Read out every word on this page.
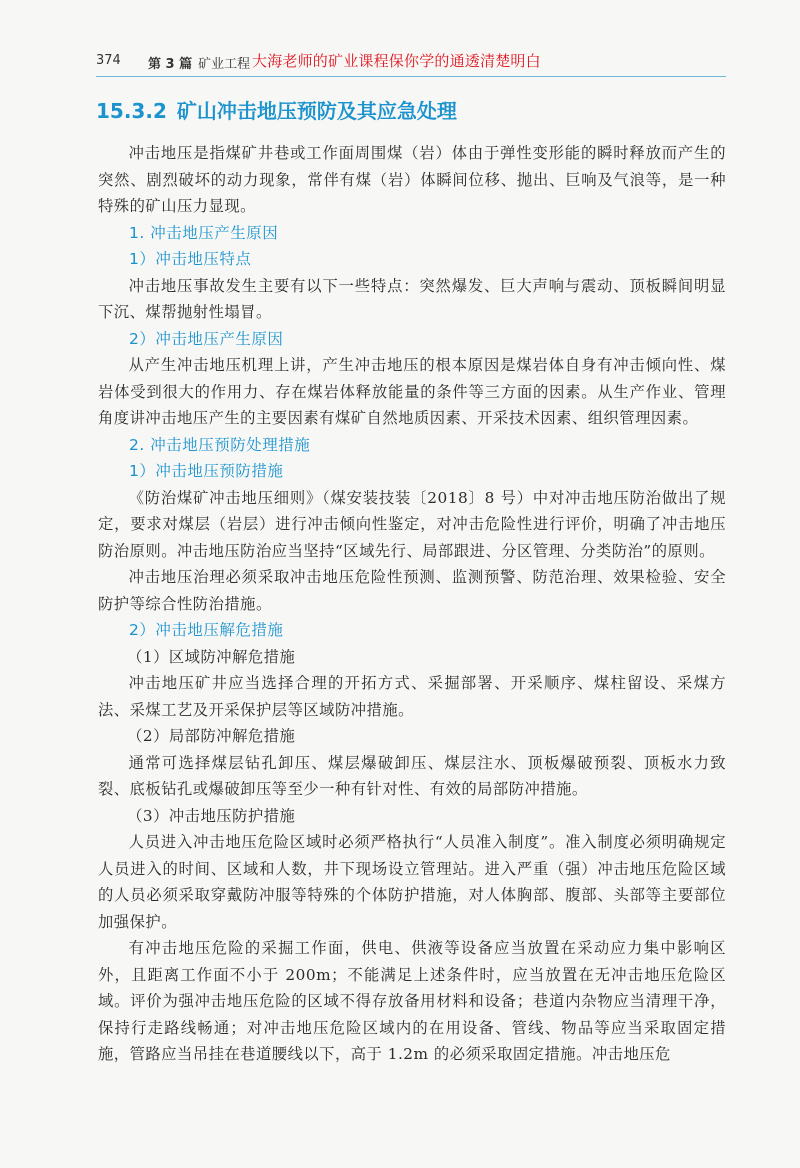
374 第 3 篇 矿业工程 大海老师的矿业课程保你学的通透清楚明白
15.3.2 矿山冲击地压预防及其应急处理

冲击地压是指煤矿井巷或工作面周围煤（岩）体由于弹性变形能的瞬时释放而产生的突然、剧烈破坏的动力现象，常伴有煤（岩）体瞬间位移、抛出、巨响及气浪等，是一种特殊的矿山压力显现。

1. 冲击地压产生原因
1）冲击地压特点

冲击地压事故发生主要有以下一些特点：突然爆发、巨大声响与震动、顶板瞬间明显下沉、煤帮抛射性塌冒。

2）冲击地压产生原因

从产生冲击地压机理上讲，产生冲击地压的根本原因是煤岩体自身有冲击倾向性、煤岩体受到很大的作用力、存在煤岩体释放能量的条件等三方面的因素。从生产作业、管理角度讲冲击地压产生的主要因素有煤矿自然地质因素、开采技术因素、组织管理因素。

2. 冲击地压预防处理措施
1）冲击地压预防措施

《防治煤矿冲击地压细则》（煤安装技装〔2018〕8 号）中对冲击地压防治做出了规定，要求对煤层（岩层）进行冲击倾向性鉴定，对冲击危险性进行评价，明确了冲击地压防治原则。冲击地压防治应当坚持“区域先行、局部跟进、分区管理、分类防治”的原则。

冲击地压治理必须采取冲击地压危险性预测、监测预警、防范治理、效果检验、安全防护等综合性防治措施。

2）冲击地压解危措施
（1）区域防冲解危措施

冲击地压矿井应当选择合理的开拓方式、采掘部署、开采顺序、煤柱留设、采煤方法、采煤工艺及开采保护层等区域防冲措施。

（2）局部防冲解危措施

通常可选择煤层钻孔卸压、煤层爆破卸压、煤层注水、顶板爆破预裂、顶板水力致裂、底板钻孔或爆破卸压等至少一种有针对性、有效的局部防冲措施。

（3）冲击地压防护措施

人员进入冲击地压危险区域时必须严格执行“人员准入制度”。准入制度必须明确规定人员进入的时间、区域和人数，井下现场设立管理站。进入严重（强）冲击地压危险区域的人员必须采取穿戴防冲服等特殊的个体防护措施，对人体胸部、腹部、头部等主要部位加强保护。

有冲击地压危险的采掘工作面，供电、供液等设备应当放置在采动应力集中影响区外，且距离工作面不小于 200m；不能满足上述条件时，应当放置在无冲击地压危险区域。评价为强冲击地压危险的区域不得存放备用材料和设备；巷道内杂物应当清理干净，保持行走路线畅通；对冲击地压危险区域内的在用设备、管线、物品等应当采取固定措施，管路应当吊挂在巷道腰线以下，高于 1.2m 的必须采取固定措施。冲击地压危
